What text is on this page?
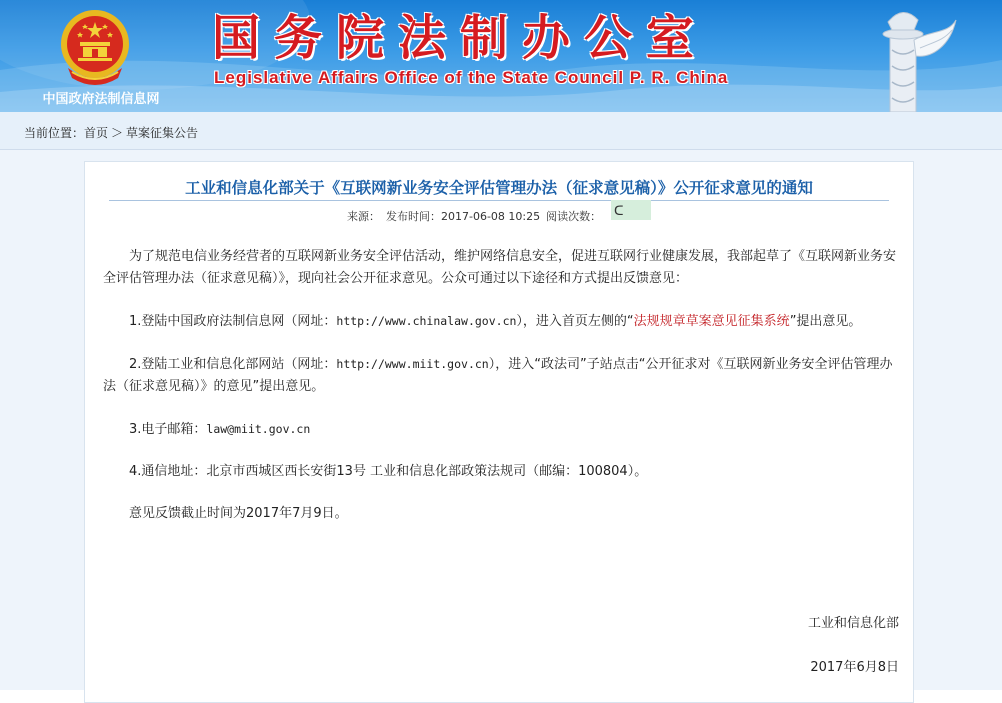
中国政府法制信息网
国务院法制办公室
Legislative Affairs Office of the State Council P. R. China
当前位置：首页 ＞ 草案征集公告
工业和信息化部关于《互联网新业务安全评估管理办法（征求意见稿）》公开征求意见的通知
来源： 发布时间：2017-06-08 10:25 阅读次数： ᑕ

为了规范电信业务经营者的互联网新业务安全评估活动，维护网络信息安全，促进互联网行业健康发展，我部起草了《互联网新业务安全评估管理办法（征求意见稿）》，现向社会公开征求意见。公众可通过以下途径和方式提出反馈意见：

1.登陆中国政府法制信息网（网址：http://www.chinalaw.gov.cn），进入首页左侧的“法规规章草案意见征集系统”提出意见。

2.登陆工业和信息化部网站（网址：http://www.miit.gov.cn），进入“政法司”子站点击“公开征求对《互联网新业务安全评估管理办法（征求意见稿）》的意见”提出意见。

3.电子邮箱：law@miit.gov.cn

4.通信地址：北京市西城区西长安街13号 工业和信息化部政策法规司（邮编：100804）。

意见反馈截止时间为2017年7月9日。

工业和信息化部
2017年6月8日
